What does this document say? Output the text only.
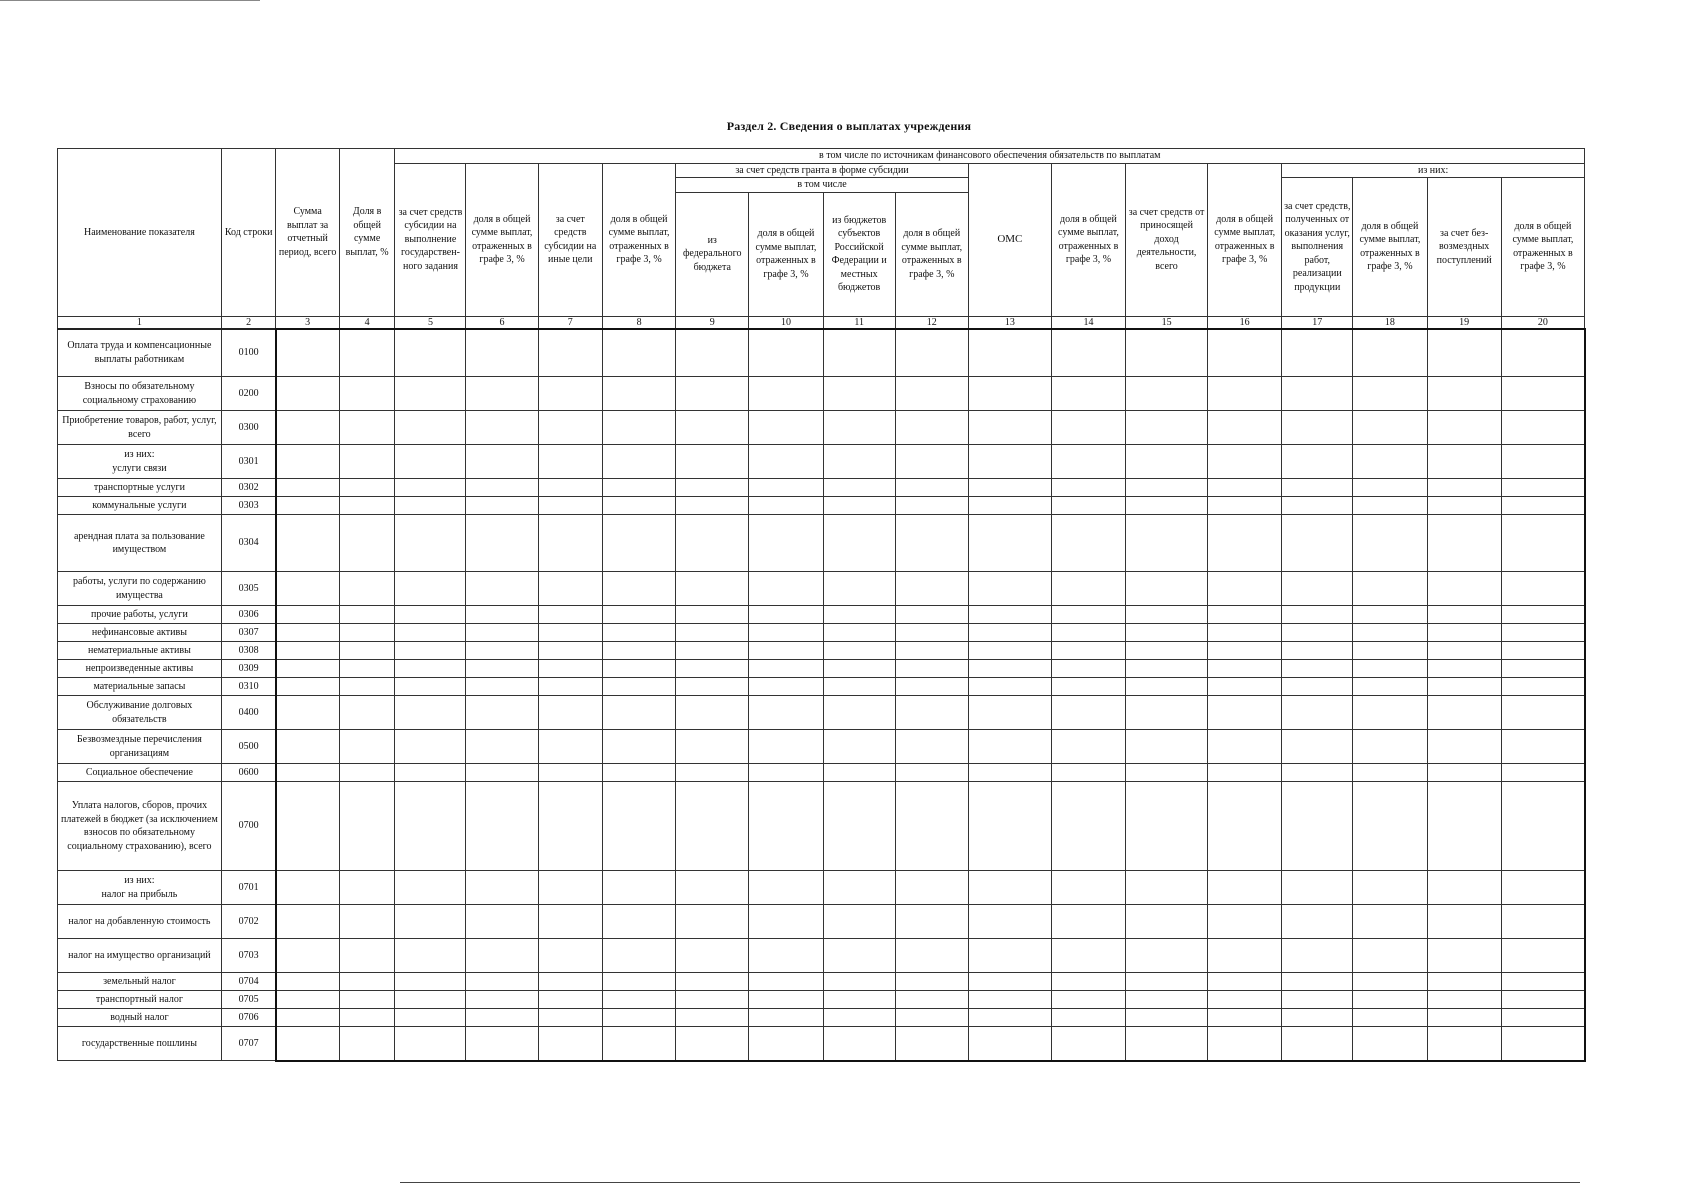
Раздел 2. Сведения о выплатах учреждения
Наименование показателя	Код строки	Сумма выплат за отчетный период, всего	Доля в общей сумме выплат, %	в том числе по источникам финансового обеспечения обязательств по выплатам															
				за счет средств субсидии на выполнение государствен-ного задания	доля в общей сумме выплат, отраженных в графе 3, %	за счет средств субсидии на иные цели	доля в общей сумме выплат, отраженных в графе 3, %	за счет средств гранта в форме субсидии				ОМС	доля в общей сумме выплат, отраженных в графе 3, %	за счет средств от приносящей доход деятельности, всего	доля в общей сумме выплат, отраженных в графе 3, %	из них:			
								в том числе								за счет средств, полученных от оказания услуг, выполнения работ, реализации продукции	доля в общей сумме выплат, отраженных в графе 3, %	за счет без-возмездных поступлений	доля в общей сумме выплат, отраженных в графе 3, %
								из федерального бюджета	доля в общей сумме выплат, отраженных в графе 3, %	из бюджетов субъектов Российской Федерации и местных бюджетов	доля в общей сумме выплат, отраженных в графе 3, %								
1	2	3	4	5	6	7	8	9	10	11	12	13	14	15	16	17	18	19	20
Оплата труда и компенсационные выплаты работникам	0100																		
Взносы по обязательному социальному страхованию	0200																		
Приобретение товаров, работ, услуг, всего	0300																		
из них:
услуги связи	0301																		
транспортные услуги	0302																		
коммунальные услуги	0303																		
арендная плата за пользование имуществом	0304																		
работы, услуги по содержанию имущества	0305																		
прочие работы, услуги	0306																		
нефинансовые активы	0307																		
нематериальные активы	0308																		
непроизведенные активы	0309																		
материальные запасы	0310																		
Обслуживание долговых обязательств	0400																		
Безвозмездные перечисления организациям	0500																		
Социальное обеспечение	0600																		
Уплата налогов, сборов, прочих платежей в бюджет (за исключением взносов по обязательному социальному страхованию), всего	0700																		
из них:
налог на прибыль	0701																		
налог на добавленную стоимость	0702																		
налог на имущество организаций	0703																		
земельный налог	0704																		
транспортный налог	0705																		
водный налог	0706																		
государственные пошлины	0707																		
